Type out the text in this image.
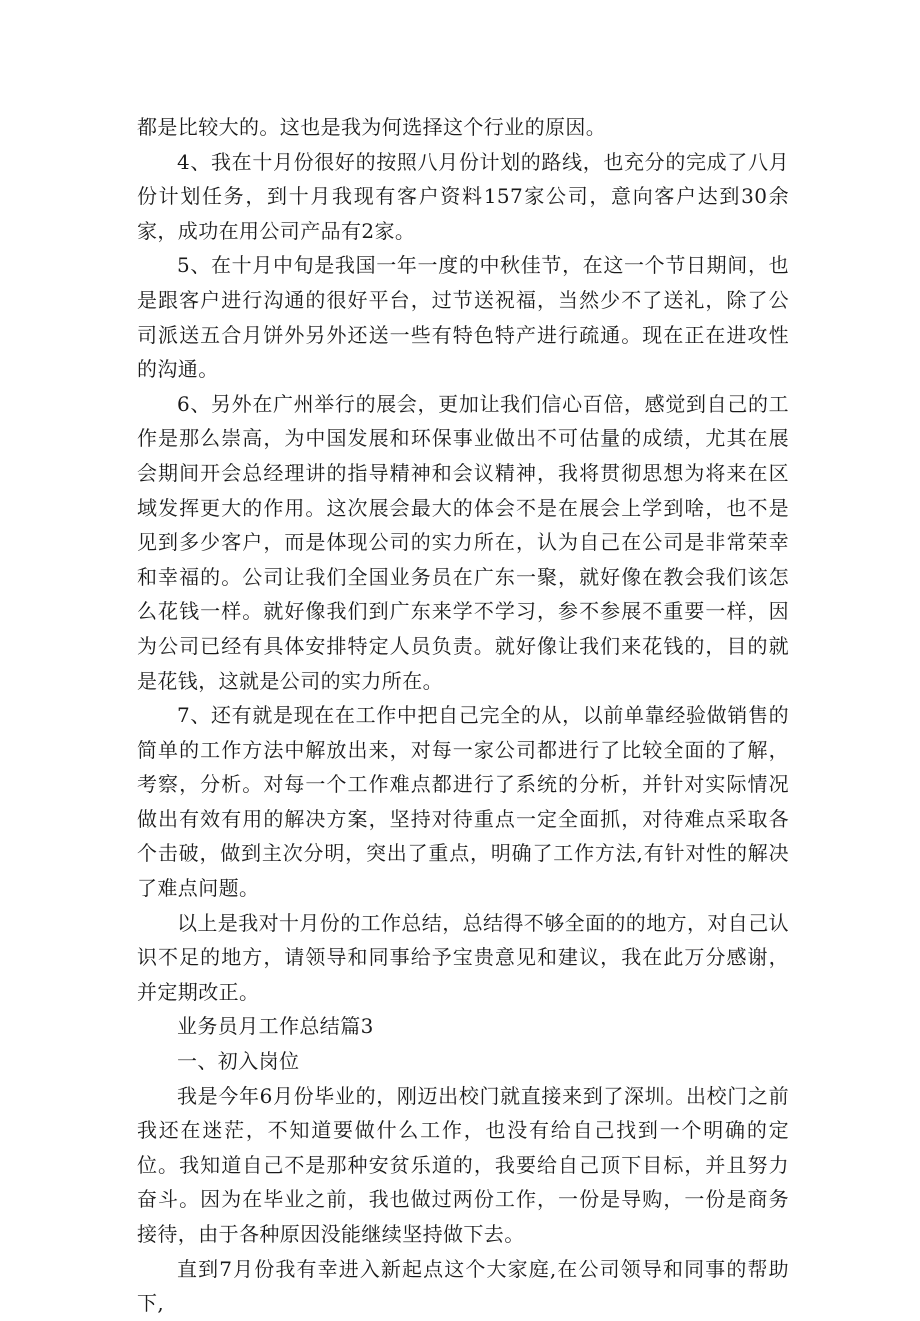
都是比较大的。这也是我为何选择这个行业的原因。

4、我在十月份很好的按照八月份计划的路线，也充分的完成了八月份计划任务，到十月我现有客户资料157家公司，意向客户达到30余家，成功在用公司产品有2家。

5、在十月中旬是我国一年一度的中秋佳节，在这一个节日期间，也是跟客户进行沟通的很好平台，过节送祝福，当然少不了送礼，除了公司派送五合月饼外另外还送一些有特色特产进行疏通。现在正在进攻性的沟通。

6、另外在广州举行的展会，更加让我们信心百倍，感觉到自己的工作是那么崇高，为中国发展和环保事业做出不可估量的成绩，尤其在展会期间开会总经理讲的指导精神和会议精神，我将贯彻思想为将来在区域发挥更大的作用。这次展会最大的体会不是在展会上学到啥，也不是见到多少客户，而是体现公司的实力所在，认为自己在公司是非常荣幸和幸福的。公司让我们全国业务员在广东一聚，就好像在教会我们该怎么花钱一样。就好像我们到广东来学不学习，参不参展不重要一样，因为公司已经有具体安排特定人员负责。就好像让我们来花钱的，目的就是花钱，这就是公司的实力所在。

7、还有就是现在在工作中把自己完全的从，以前单靠经验做销售的简单的工作方法中解放出来，对每一家公司都进行了比较全面的了解，考察，分析。对每一个工作难点都进行了系统的分析，并针对实际情况做出有效有用的解决方案，坚持对待重点一定全面抓，对待难点采取各个击破，做到主次分明，突出了重点，明确了工作方法,有针对性的解决了难点问题。

以上是我对十月份的工作总结，总结得不够全面的的地方，对自己认识不足的地方，请领导和同事给予宝贵意见和建议，我在此万分感谢，并定期改正。

业务员月工作总结篇3

一、初入岗位

我是今年6月份毕业的，刚迈出校门就直接来到了深圳。出校门之前我还在迷茫，不知道要做什么工作，也没有给自己找到一个明确的定位。我知道自己不是那种安贫乐道的，我要给自己顶下目标，并且努力奋斗。因为在毕业之前，我也做过两份工作，一份是导购，一份是商务接待，由于各种原因没能继续坚持做下去。

直到7月份我有幸进入新起点这个大家庭,在公司领导和同事的帮助下,
